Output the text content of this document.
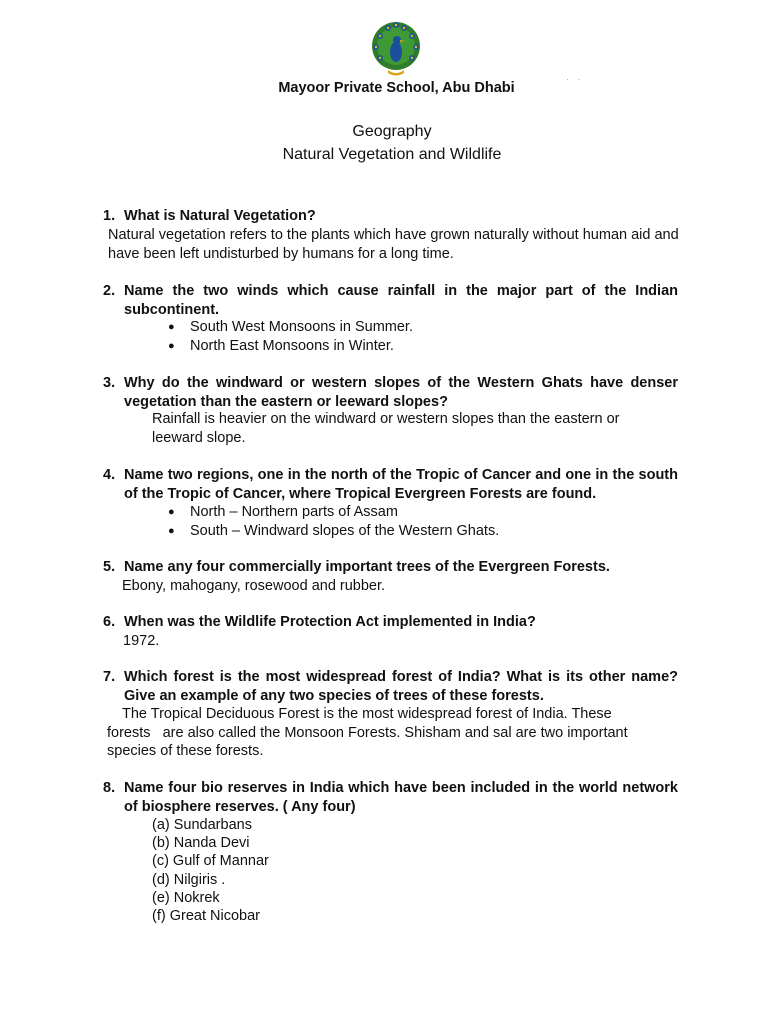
Mayoor Private School, Abu Dhabi
· ·
Geography
Natural Vegetation and Wildlife
1. What is Natural Vegetation?
Natural vegetation refers to the plants which have grown naturally without human aid and have been left undisturbed by humans for a long time.
2. Name the two winds which cause rainfall in the major part of the Indian subcontinent.
● South West Monsoons in Summer.
● North East Monsoons in Winter.
3. Why do the windward or western slopes of the Western Ghats have denser vegetation than the eastern or leeward slopes?
Rainfall is heavier on the windward or western slopes than the eastern or leeward slope.
4. Name two regions, one in the north of the Tropic of Cancer and one in the south of the Tropic of Cancer, where Tropical Evergreen Forests are found.
● North – Northern parts of Assam
● South – Windward slopes of the Western Ghats.
5. Name any four commercially important trees of the Evergreen Forests.
Ebony, mahogany, rosewood and rubber.
6. When was the Wildlife Protection Act implemented in India?
1972.
7. Which forest is the most widespread forest of India? What is its other name? Give an example of any two species of trees of these forests.
The Tropical Deciduous Forest is the most widespread forest of India. These
forests   are also called the Monsoon Forests. Shisham and sal are two important
species of these forests.
8. Name four bio reserves in India which have been included in the world network of biosphere reserves. ( Any four)
(a) Sundarbans
(b) Nanda Devi
(c) Gulf of Mannar
(d) Nilgiris .
(e) Nokrek
(f) Great Nicobar
